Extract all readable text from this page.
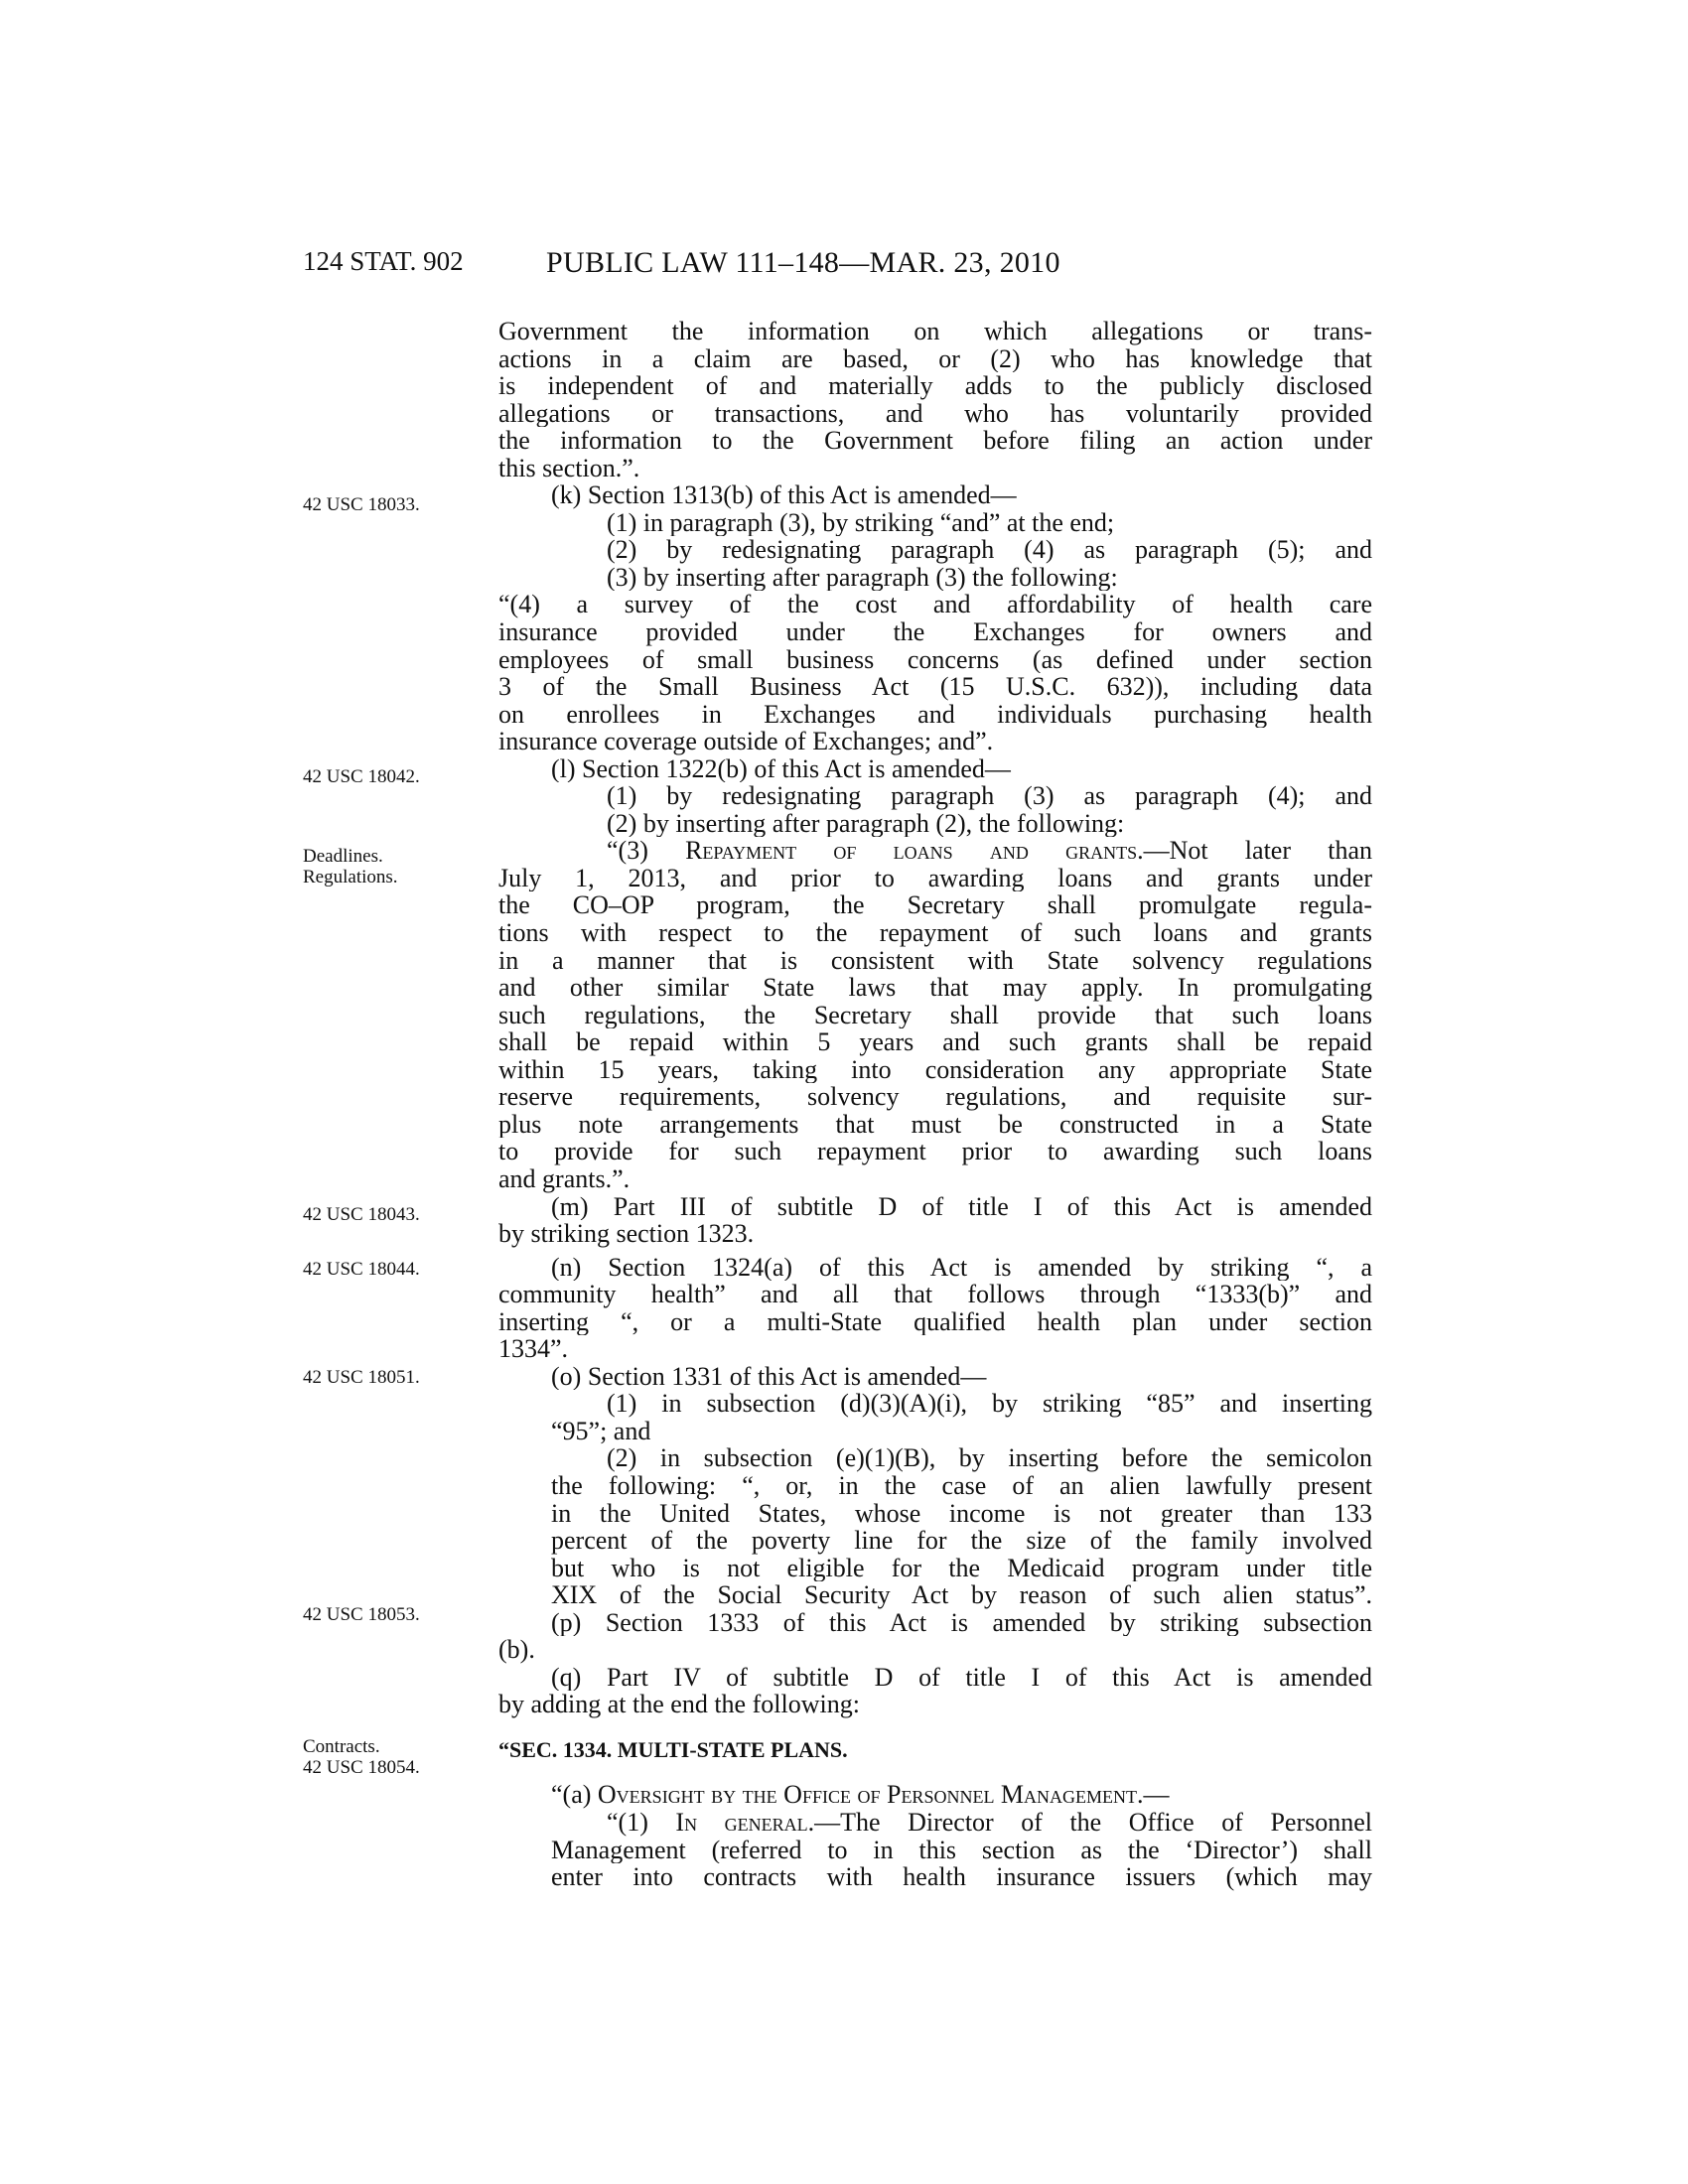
124 STAT. 902	PUBLIC LAW 111–148—MAR. 23, 2010
42 USC 18033.
42 USC 18042.
Deadlines.
Regulations.
42 USC 18043.
42 USC 18044.
42 USC 18051.
42 USC 18053.
Contracts.
42 USC 18054.
Government the information on which allegations or trans-
actions in a claim are based, or (2) who has knowledge that
is independent of and materially adds to the publicly disclosed
allegations or transactions, and who has voluntarily provided
the information to the Government before filing an action under
this section.”.
(k) Section 1313(b) of this Act is amended—
(1) in paragraph (3), by striking “and” at the end;
(2) by redesignating paragraph (4) as paragraph (5); and
(3) by inserting after paragraph (3) the following:
“(4) a survey of the cost and affordability of health care
insurance provided under the Exchanges for owners and
employees of small business concerns (as defined under section
3 of the Small Business Act (15 U.S.C. 632)), including data
on enrollees in Exchanges and individuals purchasing health
insurance coverage outside of Exchanges; and”.
(l) Section 1322(b) of this Act is amended—
(1) by redesignating paragraph (3) as paragraph (4); and
(2) by inserting after paragraph (2), the following:
“(3) Repayment of loans and grants.—Not later than
July 1, 2013, and prior to awarding loans and grants under
the CO–OP program, the Secretary shall promulgate regula-
tions with respect to the repayment of such loans and grants
in a manner that is consistent with State solvency regulations
and other similar State laws that may apply. In promulgating
such regulations, the Secretary shall provide that such loans
shall be repaid within 5 years and such grants shall be repaid
within 15 years, taking into consideration any appropriate State
reserve requirements, solvency regulations, and requisite sur-
plus note arrangements that must be constructed in a State
to provide for such repayment prior to awarding such loans
and grants.”.
(m) Part III of subtitle D of title I of this Act is amended
by striking section 1323.
(n) Section 1324(a) of this Act is amended by striking “, a
community health” and all that follows through “1333(b)” and
inserting “, or a multi-State qualified health plan under section
1334”.
(o) Section 1331 of this Act is amended—
(1) in subsection (d)(3)(A)(i), by striking “85” and inserting
“95”; and
(2) in subsection (e)(1)(B), by inserting before the semicolon
the following: “, or, in the case of an alien lawfully present
in the United States, whose income is not greater than 133
percent of the poverty line for the size of the family involved
but who is not eligible for the Medicaid program under title
XIX of the Social Security Act by reason of such alien status”.
(p) Section 1333 of this Act is amended by striking subsection
(b).
(q) Part IV of subtitle D of title I of this Act is amended
by adding at the end the following:
“SEC. 1334. MULTI-STATE PLANS.
“(a) Oversight by the Office of Personnel Management.—
“(1) In general.—The Director of the Office of Personnel
Management (referred to in this section as the ‘Director’) shall
enter into contracts with health insurance issuers (which may
